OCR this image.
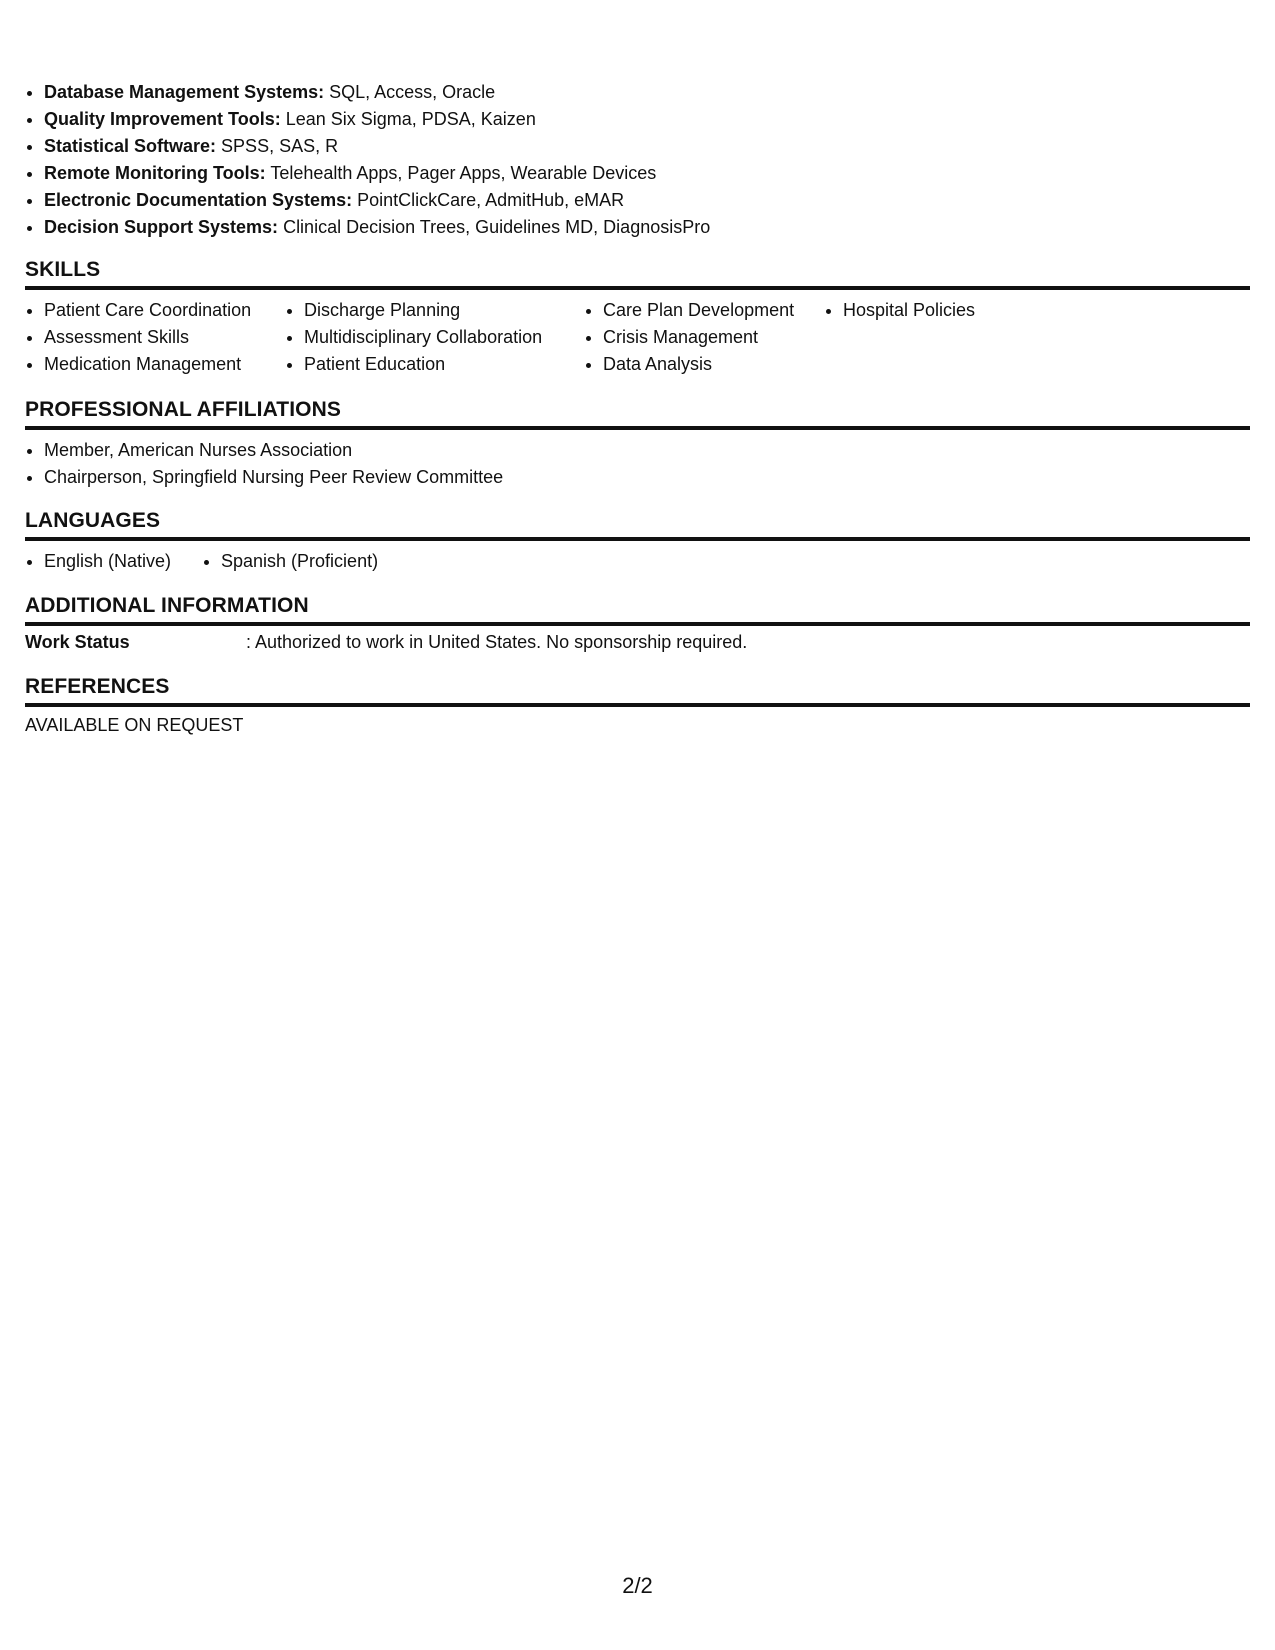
• Database Management Systems: SQL, Access, Oracle
• Quality Improvement Tools: Lean Six Sigma, PDSA, Kaizen
• Statistical Software: SPSS, SAS, R
• Remote Monitoring Tools: Telehealth Apps, Pager Apps, Wearable Devices
• Electronic Documentation Systems: PointClickCare, AdmitHub, eMAR
• Decision Support Systems: Clinical Decision Trees, Guidelines MD, DiagnosisPro
SKILLS
• Patient Care Coordination
• Assessment Skills
• Medication Management
• Discharge Planning
• Multidisciplinary Collaboration
• Patient Education
• Care Plan Development
• Crisis Management
• Data Analysis
• Hospital Policies
PROFESSIONAL AFFILIATIONS
• Member, American Nurses Association
• Chairperson, Springfield Nursing Peer Review Committee
LANGUAGES
• English (Native)
•	Spanish (Proficient)
ADDITIONAL INFORMATION
Work Status	: Authorized to work in United States. No sponsorship required.
REFERENCES
AVAILABLE ON REQUEST
2/2
